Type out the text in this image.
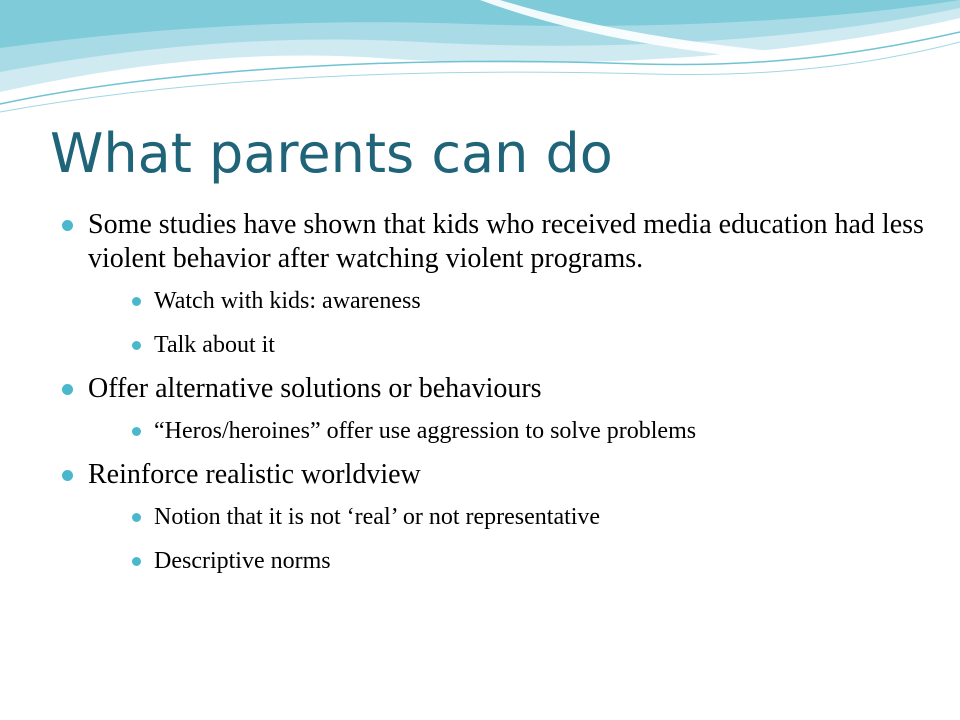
What parents can do
Some studies have shown that kids who received media education had less violent behavior after watching violent programs.
Watch with kids: awareness
Talk about it
Offer alternative solutions or behaviours
“Heros/heroines” offer use aggression to solve problems
Reinforce realistic worldview
Notion that it is not ‘real’ or not representative
Descriptive norms
